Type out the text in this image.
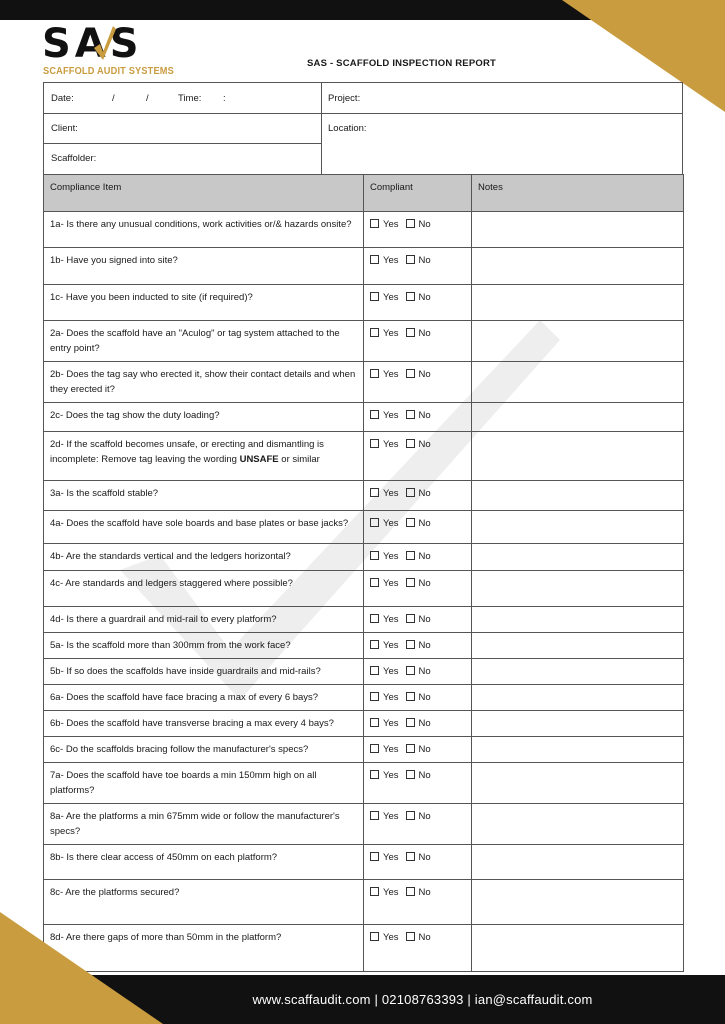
SAS
SCAFFOLD AUDIT SYSTEMS
SAS - SCAFFOLD INSPECTION REPORT
Date:	/	/	Time: :	Project:
Client:	Location:
Scaffolder:
Compliance Item	Compliant	Notes
1a- Is there any unusual conditions, work activities or/& hazards onsite?	Yes No	
1b- Have you signed into site?	Yes No	
1c- Have you been inducted to site (if required)?	Yes No	
2a- Does the scaffold have an "Aculog" or tag system attached to the entry point?	Yes No	
2b- Does the tag say who erected it, show their contact details and when they erected it?	Yes No	
2c- Does the tag show the duty loading?	Yes No	
2d- If the scaffold becomes unsafe, or erecting and dismantling is incomplete: Remove tag leaving the wording UNSAFE or similar	Yes No	
3a- Is the scaffold stable?	Yes No	
4a- Does the scaffold have sole boards and base plates or base jacks?	Yes No	
4b- Are the standards vertical and the ledgers horizontal?	Yes No	
4c- Are standards and ledgers staggered where possible?	Yes No	
4d- Is there a guardrail and mid-rail to every platform?	Yes No	
5a- Is the scaffold more than 300mm from the work face?	Yes No	
5b- If so does the scaffolds have inside guardrails and mid-rails?	Yes No	
6a- Does the scaffold have face bracing a max of every 6 bays?	Yes No	
6b- Does the scaffold have transverse bracing a max every 4 bays?	Yes No	
6c- Do the scaffolds bracing follow the manufacturer's specs?	Yes No	
7a- Does the scaffold have toe boards a min 150mm high on all platforms?	Yes No	
8a- Are the platforms a min 675mm wide or follow the manufacturer's specs?	Yes No	
8b- Is there clear access of 450mm on each platform?	Yes No	
8c- Are the platforms secured?	Yes No	
8d- Are there gaps of more than 50mm in the platform?	Yes No	
www.scaffaudit.com | 02108763393 | ian@scaffaudit.com
